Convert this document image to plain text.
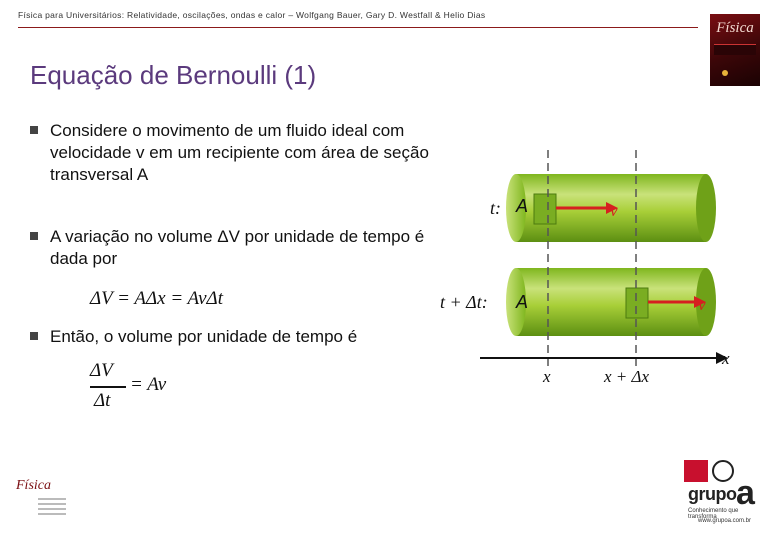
Física para Universitários: Relatividade, oscilações, ondas e calor – Wolfgang Bauer, Gary D. Westfall & Helio Dias
Física
Equação de Bernoulli (1)
Considere o movimento de um fluido ideal com velocidade v em um recipiente com área de seção transversal A
A variação no volume ΔV por unidade de tempo é dada por
ΔV = AΔx = AvΔt
Então, o volume por unidade de tempo é
ΔV
Δt
= Av
t:
t + Δt:
A
A
v
v
x
x	x + Δx
Física	grupo a
Conhecimento que transforma
www.grupoa.com.br
